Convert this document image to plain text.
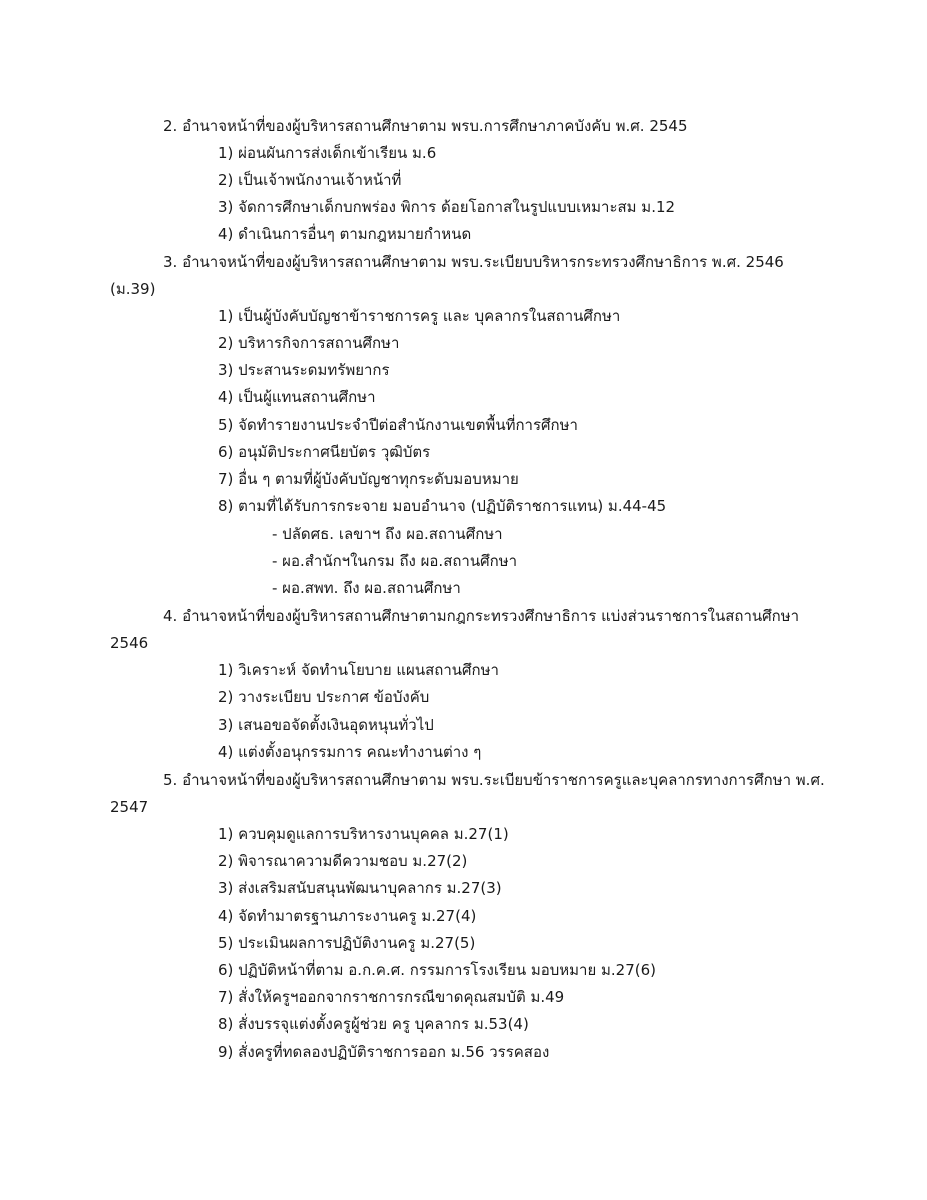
2. อำนาจหน้าที่ของผู้บริหารสถานศึกษาตาม พรบ.การศึกษาภาคบังคับ พ.ศ. 2545
1) ผ่อนผันการส่งเด็กเข้าเรียน ม.6
2) เป็นเจ้าพนักงานเจ้าหน้าที่
3) จัดการศึกษาเด็กบกพร่อง พิการ ด้อยโอกาสในรูปแบบเหมาะสม ม.12
4) ดำเนินการอื่นๆ ตามกฎหมายกำหนด
3. อำนาจหน้าที่ของผู้บริหารสถานศึกษาตาม พรบ.ระเบียบบริหารกระทรวงศึกษาธิการ พ.ศ. 2546
(ม.39)
1) เป็นผู้บังคับบัญชาข้าราชการครู และ บุคลากรในสถานศึกษา
2) บริหารกิจการสถานศึกษา
3) ประสานระดมทรัพยากร
4) เป็นผู้แทนสถานศึกษา
5) จัดทำรายงานประจำปีต่อสำนักงานเขตพื้นที่การศึกษา
6) อนุมัติประกาศนียบัตร วุฒิบัตร
7) อื่น ๆ ตามที่ผู้บังคับบัญชาทุกระดับมอบหมาย
8) ตามที่ได้รับการกระจาย มอบอำนาจ (ปฏิบัติราชการแทน) ม.44-45
- ปลัดศธ. เลขาฯ ถึง ผอ.สถานศึกษา
- ผอ.สำนักฯในกรม ถึง ผอ.สถานศึกษา
- ผอ.สพท. ถึง ผอ.สถานศึกษา
4. อำนาจหน้าที่ของผู้บริหารสถานศึกษาตามกฎกระทรวงศึกษาธิการ แบ่งส่วนราชการในสถานศึกษา
2546
1) วิเคราะห์ จัดทำนโยบาย แผนสถานศึกษา
2) วางระเบียบ ประกาศ ข้อบังคับ
3) เสนอขอจัดตั้งเงินอุดหนุนทั่วไป
4) แต่งตั้งอนุกรรมการ คณะทำงานต่าง ๆ
5. อำนาจหน้าที่ของผู้บริหารสถานศึกษาตาม พรบ.ระเบียบข้าราชการครูและบุคลากรทางการศึกษา พ.ศ.
2547
1) ควบคุมดูแลการบริหารงานบุคคล ม.27(1)
2) พิจารณาความดีความชอบ ม.27(2)
3) ส่งเสริมสนับสนุนพัฒนาบุคลากร ม.27(3)
4) จัดทำมาตรฐานภาระงานครู ม.27(4)
5) ประเมินผลการปฏิบัติงานครู ม.27(5)
6) ปฏิบัติหน้าที่ตาม อ.ก.ค.ศ. กรรมการโรงเรียน มอบหมาย ม.27(6)
7) สั่งให้ครูฯออกจากราชการกรณีขาดคุณสมบัติ ม.49
8) สั่งบรรจุแต่งตั้งครูผู้ช่วย ครู บุคลากร ม.53(4)
9) สั่งครูที่ทดลองปฏิบัติราชการออก ม.56 วรรคสอง
